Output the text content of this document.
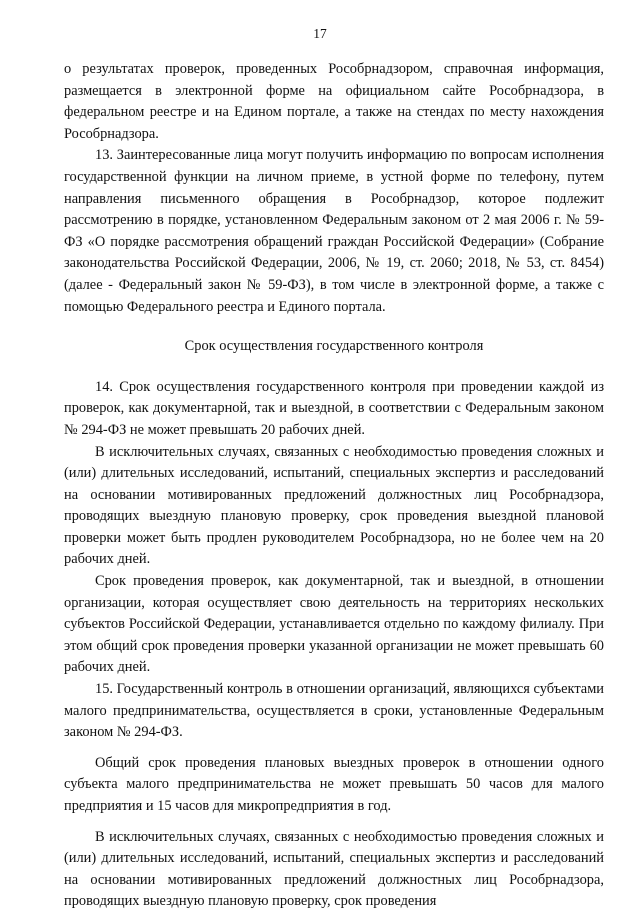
17

о результатах проверок, проведенных Рособрнадзором, справочная информация, размещается в электронной форме на официальном сайте Рособрнадзора, в федеральном реестре и на Едином портале, а также на стендах по месту нахождения Рособрнадзора.

13. Заинтересованные лица могут получить информацию по вопросам исполнения государственной функции на личном приеме, в устной форме по телефону, путем направления письменного обращения в Рособрнадзор, которое подлежит рассмотрению в порядке, установленном Федеральным законом от 2 мая 2006 г. № 59-ФЗ «О порядке рассмотрения обращений граждан Российской Федерации» (Собрание законодательства Российской Федерации, 2006, № 19, ст. 2060; 2018, № 53, ст. 8454) (далее - Федеральный закон № 59-ФЗ), в том числе в электронной форме, а также с помощью Федерального реестра и Единого портала.

Срок осуществления государственного контроля

14. Срок осуществления государственного контроля при проведении каждой из проверок, как документарной, так и выездной, в соответствии с Федеральным законом № 294-ФЗ не может превышать 20 рабочих дней.

В исключительных случаях, связанных с необходимостью проведения сложных и (или) длительных исследований, испытаний, специальных экспертиз и расследований на основании мотивированных предложений должностных лиц Рособрнадзора, проводящих выездную плановую проверку, срок проведения выездной плановой проверки может быть продлен руководителем Рособрнадзора, но не более чем на 20 рабочих дней.

Срок проведения проверок, как документарной, так и выездной, в отношении организации, которая осуществляет свою деятельность на территориях нескольких субъектов Российской Федерации, устанавливается отдельно по каждому филиалу. При этом общий срок проведения проверки указанной организации не может превышать 60 рабочих дней.

15. Государственный контроль в отношении организаций, являющихся субъектами малого предпринимательства, осуществляется в сроки, установленные Федеральным законом № 294-ФЗ.

Общий срок проведения плановых выездных проверок в отношении одного субъекта малого предпринимательства не может превышать 50 часов для малого предприятия и 15 часов для микропредприятия в год.

В исключительных случаях, связанных с необходимостью проведения сложных и (или) длительных исследований, испытаний, специальных экспертиз и расследований на основании мотивированных предложений должностных лиц Рособрнадзора, проводящих выездную плановую проверку, срок проведения
